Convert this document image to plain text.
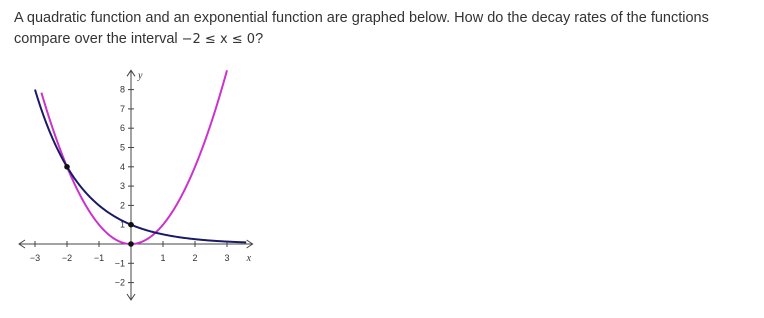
A quadratic function and an exponential function are graphed below. How do the decay rates of the functions compare over the interval −2 ≤ x ≤ 0?

x
y
−3 −2 −1	1	2	3
−2
−1
1
2
3
4
5
6
7
8
